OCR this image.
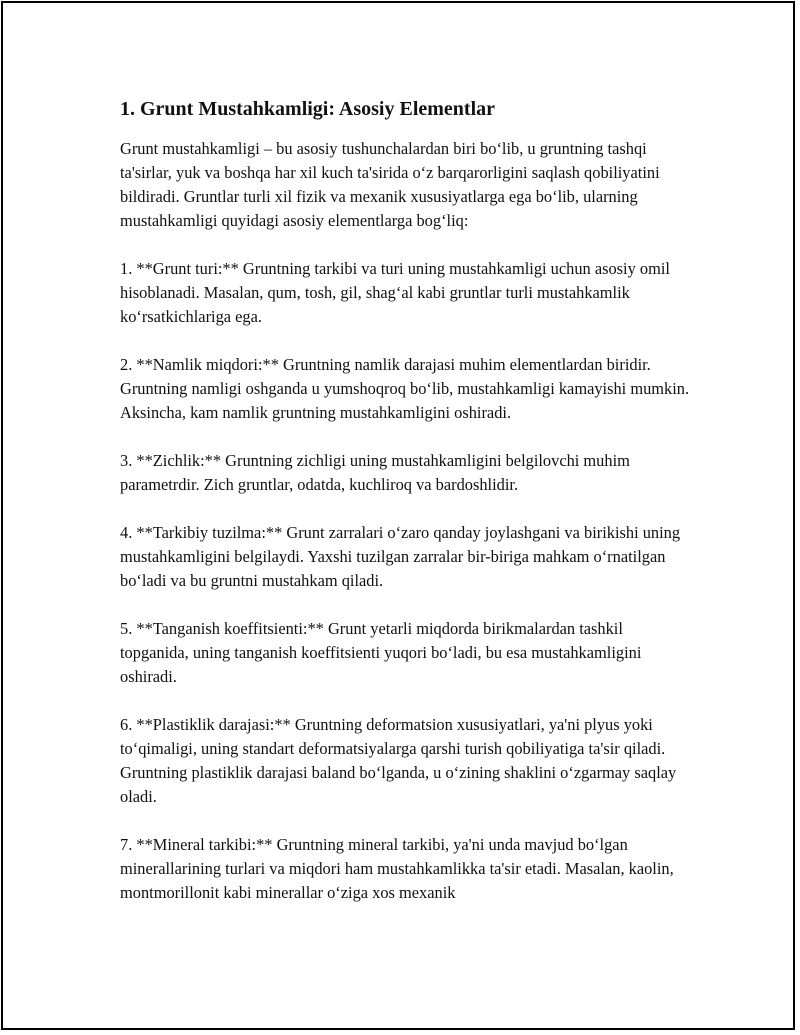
1. Grunt Mustahkamligi: Asosiy Elementlar

Grunt mustahkamligi – bu asosiy tushunchalardan biri bo‘lib, u gruntning tashqi ta'sirlar, yuk va boshqa har xil kuch ta'sirida o‘z barqarorligini saqlash qobiliyatini bildiradi. Gruntlar turli xil fizik va mexanik xususiyatlarga ega bo‘lib, ularning mustahkamligi quyidagi asosiy elementlarga bog‘liq:

1. **Grunt turi:** Gruntning tarkibi va turi uning mustahkamligi uchun asosiy omil hisoblanadi. Masalan, qum, tosh, gil, shag‘al kabi gruntlar turli mustahkamlik ko‘rsatkichlariga ega.

2. **Namlik miqdori:** Gruntning namlik darajasi muhim elementlardan biridir. Gruntning namligi oshganda u yumshoqroq bo‘lib, mustahkamligi kamayishi mumkin. Aksincha, kam namlik gruntning mustahkamligini oshiradi.

3. **Zichlik:** Gruntning zichligi uning mustahkamligini belgilovchi muhim parametrdir. Zich gruntlar, odatda, kuchliroq va bardoshlidir.

4. **Tarkibiy tuzilma:** Grunt zarralari o‘zaro qanday joylashgani va birikishi uning mustahkamligini belgilaydi. Yaxshi tuzilgan zarralar bir-biriga mahkam o‘rnatilgan bo‘ladi va bu gruntni mustahkam qiladi.

5. **Tanganish koeffitsienti:** Grunt yetarli miqdorda birikmalardan tashkil topganida, uning tanganish koeffitsienti yuqori bo‘ladi, bu esa mustahkamligini oshiradi.

6. **Plastiklik darajasi:** Gruntning deformatsion xususiyatlari, ya'ni plyus yoki to‘qimaligi, uning standart deformatsiyalarga qarshi turish qobiliyatiga ta'sir qiladi. Gruntning plastiklik darajasi baland bo‘lganda, u o‘zining shaklini o‘zgarmay saqlay oladi.

7. **Mineral tarkibi:** Gruntning mineral tarkibi, ya'ni unda mavjud bo‘lgan minerallarining turlari va miqdori ham mustahkamlikka ta'sir etadi. Masalan, kaolin, montmorillonit kabi minerallar o‘ziga xos mexanik
